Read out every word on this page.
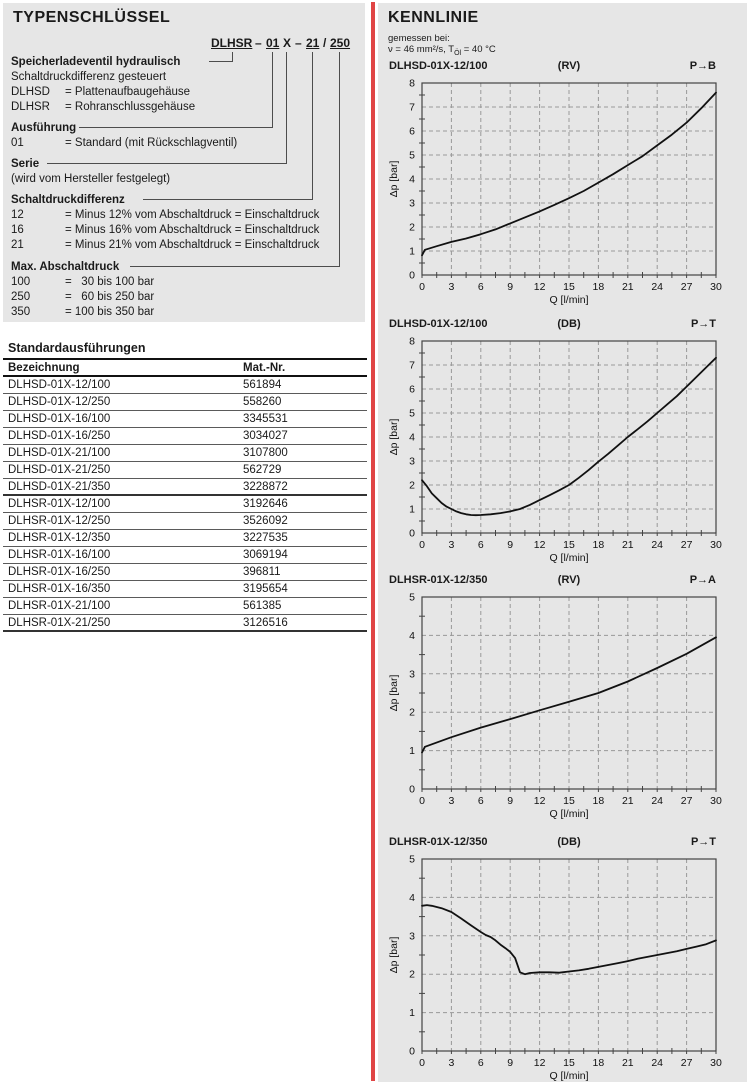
TYPENSCHLÜSSEL
DLHSR – 01 X – 21 / 250
Speicherladeventil hydraulisch
Schaltdruckdifferenz gesteuert
DLHSD	= Plattenaufbaugehäuse
DLHSR	= Rohranschlussgehäuse
Ausführung
01	= Standard (mit Rückschlagventil)
Serie
(wird vom Hersteller festgelegt)
Schaltdruckdifferenz
12	= Minus 12% vom Abschaltdruck = Einschaltdruck
16	= Minus 16% vom Abschaltdruck = Einschaltdruck
21	= Minus 21% vom Abschaltdruck = Einschaltdruck
Max. Abschaltdruck
100	=   30 bis 100 bar
250	=   60 bis 250 bar
350	= 100 bis 350 bar
Standardausführungen
Bezeichnung	Mat.-Nr.
DLHSD-01X-12/100	561894
DLHSD-01X-12/250	558260
DLHSD-01X-16/100	3345531
DLHSD-01X-16/250	3034027
DLHSD-01X-21/100	3107800
DLHSD-01X-21/250	562729
DLHSD-01X-21/350	3228872
DLHSR-01X-12/100	3192646
DLHSR-01X-12/250	3526092
DLHSR-01X-12/350	3227535
DLHSR-01X-16/100	3069194
DLHSR-01X-16/250	396811
DLHSR-01X-16/350	3195654
DLHSR-01X-21/100	561385
DLHSR-01X-21/250	3126516
KENNLINIE
gemessen bei:
ν = 46 mm²/s, $T_{Öl} = 40$ °C
DLHSD-01X-12/100	(RV)	P→B
0
1
2
3
4
5
6
7
8
0 3 6 9 12 15 18 21 24 27 30
Q [l/min]
Δp [bar]
DLHSD-01X-12/100	(DB)	P→T
0
1
2
3
4
5
6
7
8
0 3 6 9 12 15 18 21 24 27 30
Q [l/min]
Δp [bar]
DLHSR-01X-12/350	(RV)	P→A
0
1
2
3
4
5
0 3 6 9 12 15 18 21 24 27 30
Q [l/min]
Δp [bar]
DLHSR-01X-12/350	(DB)	P→T
0
1
2
3
4
5
0 3 6 9 12 15 18 21 24 27 30
Q [l/min]
Δp [bar]
